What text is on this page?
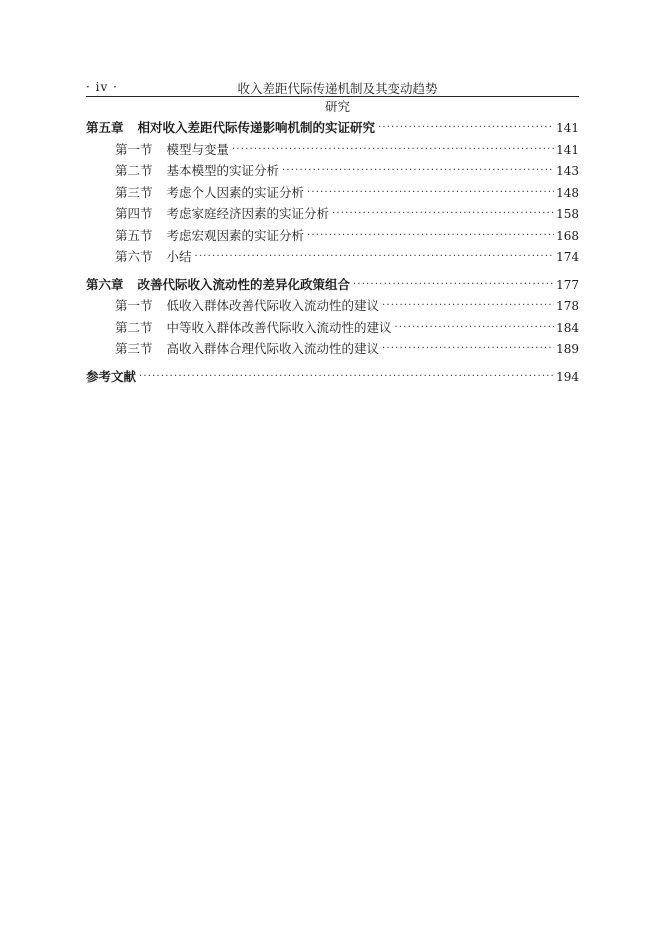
· iv ·	收入差距代际传递机制及其变动趋势研究
第五章 相对收入差距代际传递影响机制的实证研究 ·····	141
第一节 模型与变量 ·····	141
第二节 基本模型的实证分析 ·····	143
第三节 考虑个人因素的实证分析 ·····	148
第四节 考虑家庭经济因素的实证分析 ·····	158
第五节 考虑宏观因素的实证分析 ·····	168
第六节 小结 ·····	174
第六章 改善代际收入流动性的差异化政策组合 ·····	177
第一节 低收入群体改善代际收入流动性的建议 ·····	178
第二节 中等收入群体改善代际收入流动性的建议 ·····	184
第三节 高收入群体合理代际收入流动性的建议 ·····	189
参考文献 ·····	194
